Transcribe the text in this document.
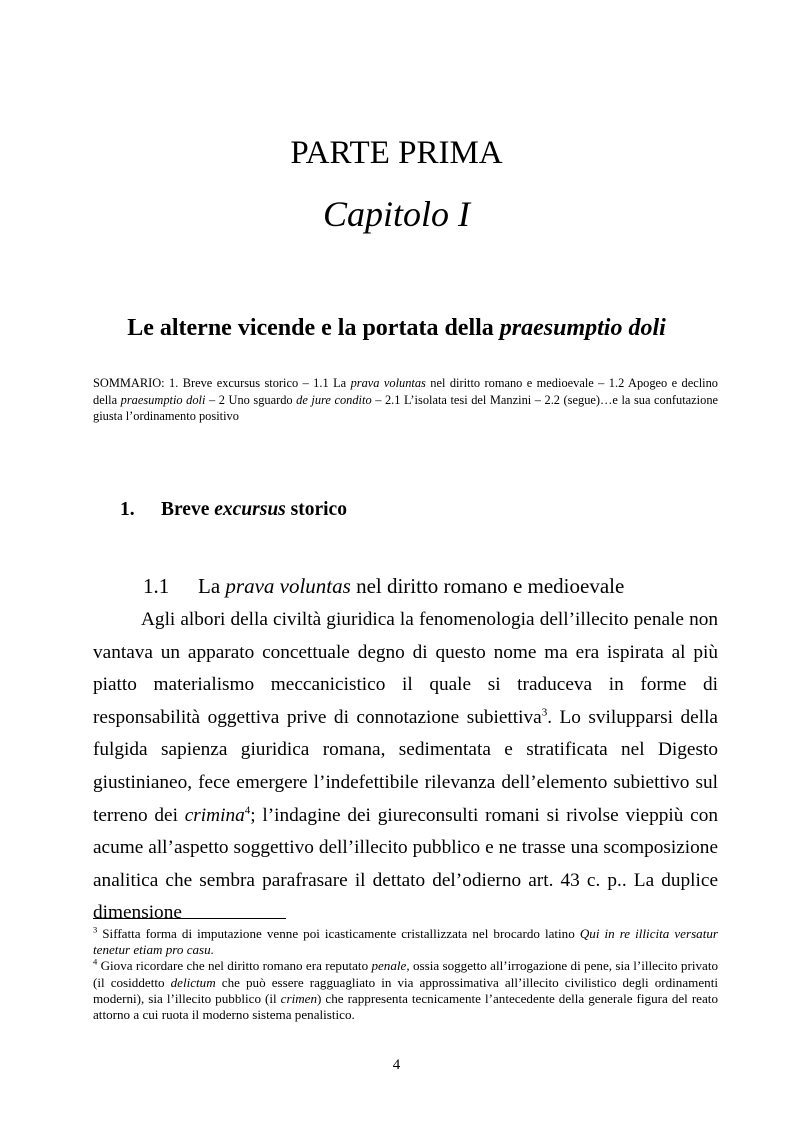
PARTE PRIMA
Capitolo I
Le alterne vicende e la portata della praesumptio doli
SOMMARIO: 1. Breve excursus storico – 1.1 La prava voluntas nel diritto romano e medioevale – 1.2 Apogeo e declino della praesumptio doli – 2 Uno sguardo de jure condito – 2.1 L’isolata tesi del Manzini – 2.2 (segue)…e la sua confutazione giusta l’ordinamento positivo
1. Breve excursus storico
1.1 La prava voluntas nel diritto romano e medioevale
Agli albori della civiltà giuridica la fenomenologia dell’illecito penale non vantava un apparato concettuale degno di questo nome ma era ispirata al più piatto materialismo meccanicistico il quale si traduceva in forme di responsabilità oggettiva prive di connotazione subiettiva$^3$. Lo svilupparsi della fulgida sapienza giuridica romana, sedimentata e stratificata nel Digesto giustinianeo, fece emergere l’indefettibile rilevanza dell’elemento subiettivo sul terreno dei crimina$^4$; l’indagine dei giureconsulti romani si rivolse vieppiù con acume all’aspetto soggettivo dell’illecito pubblico e ne trasse una scomposizione analitica che sembra parafrasare il dettato del’odierno art. 43 c. p.. La duplice dimensione

$^3$ Siffatta forma di imputazione venne poi icasticamente cristallizzata nel brocardo latino Qui in re illicita versatur tenetur etiam pro casu.

$^4$ Giova ricordare che nel diritto romano era reputato penale, ossia soggetto all’irrogazione di pene, sia l’illecito privato (il cosiddetto delictum che può essere ragguagliato in via approssimativa all’illecito civilistico degli ordinamenti moderni), sia l’illecito pubblico (il crimen) che rappresenta tecnicamente l’antecedente della generale figura del reato attorno a cui ruota il moderno sistema penalistico.

4
